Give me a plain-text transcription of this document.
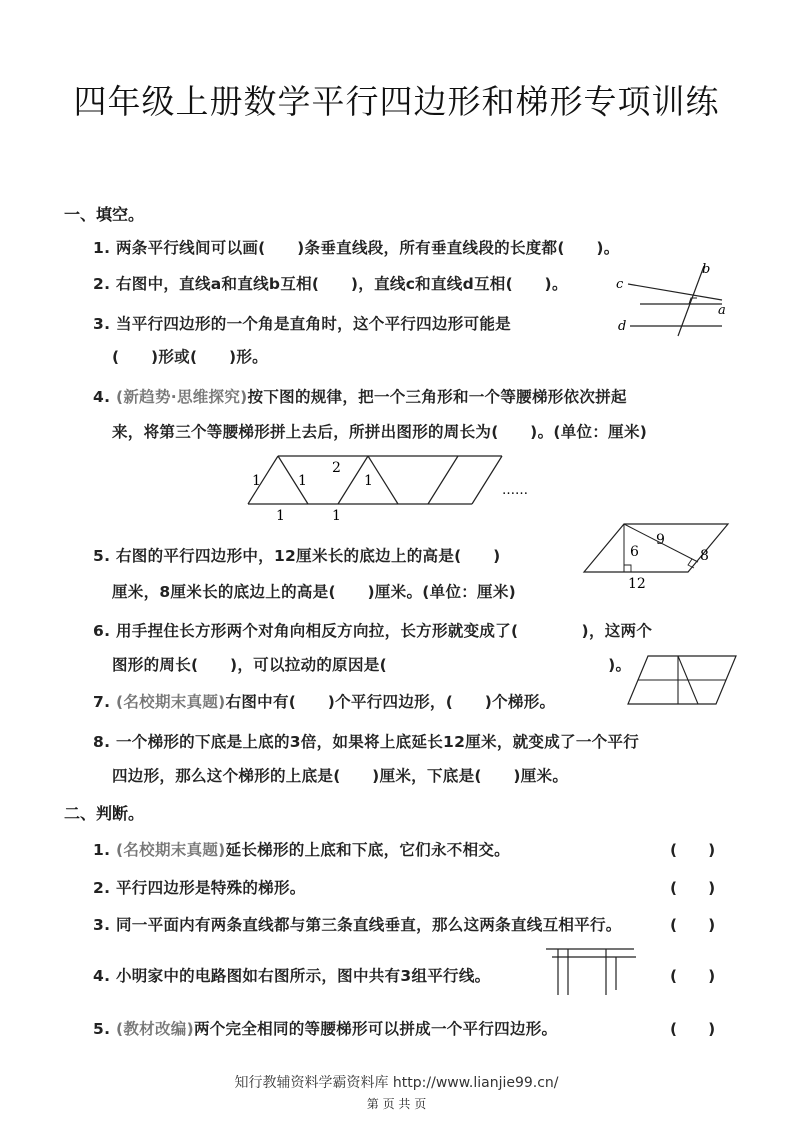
四年级上册数学平行四边形和梯形专项训练
一、填空。
1. 两条平行线间可以画(　　)条垂直线段，所有垂直线段的长度都(　　)。
2. 右图中，直线a和直线b互相(　　)，直线c和直线d互相(　　)。
3. 当平行四边形的一个角是直角时，这个平行四边形可能是
(　　)形或(　　)形。
4. (新趋势·思维探究)按下图的规律，把一个三角形和一个等腰梯形依次拼起
来，将第三个等腰梯形拼上去后，所拼出图形的周长为(　　)。(单位：厘米)
5. 右图的平行四边形中，12厘米长的底边上的高是(　　)
厘米，8厘米长的底边上的高是(　　)厘米。(单位：厘米)
6. 用手捏住长方形两个对角向相反方向拉，长方形就变成了(　　　　)，这两个
图形的周长(　　)，可以拉动的原因是(　　　　　　　　　　　　　　)。
7. (名校期末真题)右图中有(　　)个平行四边形，(　　)个梯形。
8. 一个梯形的下底是上底的3倍，如果将上底延长12厘米，就变成了一个平行
四边形，那么这个梯形的上底是(　　)厘米，下底是(　　)厘米。
二、判断。
1. (名校期末真题)延长梯形的上底和下底，它们永不相交。	(　　)
2. 平行四边形是特殊的梯形。	(　　)
3. 同一平面内有两条直线都与第三条直线垂直，那么这两条直线互相平行。	(　　)
4. 小明家中的电路图如右图所示，图中共有3组平行线。	(　　)
5. (教材改编)两个完全相同的等腰梯形可以拼成一个平行四边形。	(　　)
b
c
a
d
1	1
2
1
1	1
……
6
9
8
12
知行教辅资料学霸资料库 http://www.lianjie99.cn/
第 页 共 页
